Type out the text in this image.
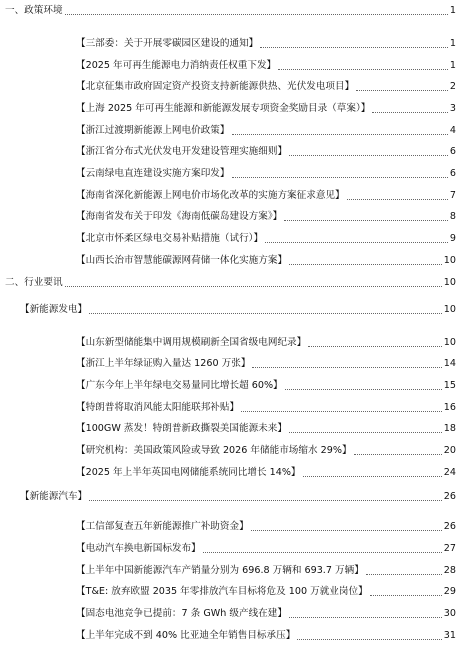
一、政策环境	1
【三部委：关于开展零碳园区建设的通知】	1
【2025 年可再生能源电力消纳责任权重下发】	1
【北京征集市政府固定资产投资支持新能源供热、光伏发电项目】	2
【上海 2025 年可再生能源和新能源发展专项资金奖励目录（草案）】	3
【浙江过渡期新能源上网电价政策】	4
【浙江省分布式光伏发电开发建设管理实施细则】	6
【云南绿电直连建设实施方案印发】	6
【海南省深化新能源上网电价市场化改革的实施方案征求意见】	7
【海南省发布关于印发《海南低碳岛建设方案》】	8
【北京市怀柔区绿电交易补贴措施（试行）】	9
【山西长治市智慧能碳源网荷储一体化实施方案】	10
二、行业要讯	10
【新能源发电】	10
【山东新型储能集中调用规模刷新全国省级电网纪录】	10
【浙江上半年绿证购入量达 1260 万张】	14
【广东今年上半年绿电交易量同比增长超 60%】	15
【特朗普将取消风能太阳能联邦补贴】	16
【100GW 蒸发！特朗普新政撕裂美国能源未来】	18
【研究机构：美国政策风险或导致 2026 年储能市场缩水 29%】	20
【2025 年上半年英国电网储能系统同比增长 14%】	24
【新能源汽车】	26
【工信部复查五年新能源推广补助资金】	26
【电动汽车换电新国标发布】	27
【上半年中国新能源汽车产销量分别为 696.8 万辆和 693.7 万辆】	28
【T&E: 放弃欧盟 2035 年零排放汽车目标将危及 100 万就业岗位】	29
【固态电池竞争已提前：7 条 GWh 级产线在建】	30
【上半年完成不到 40% 比亚迪全年销售目标承压】	31
